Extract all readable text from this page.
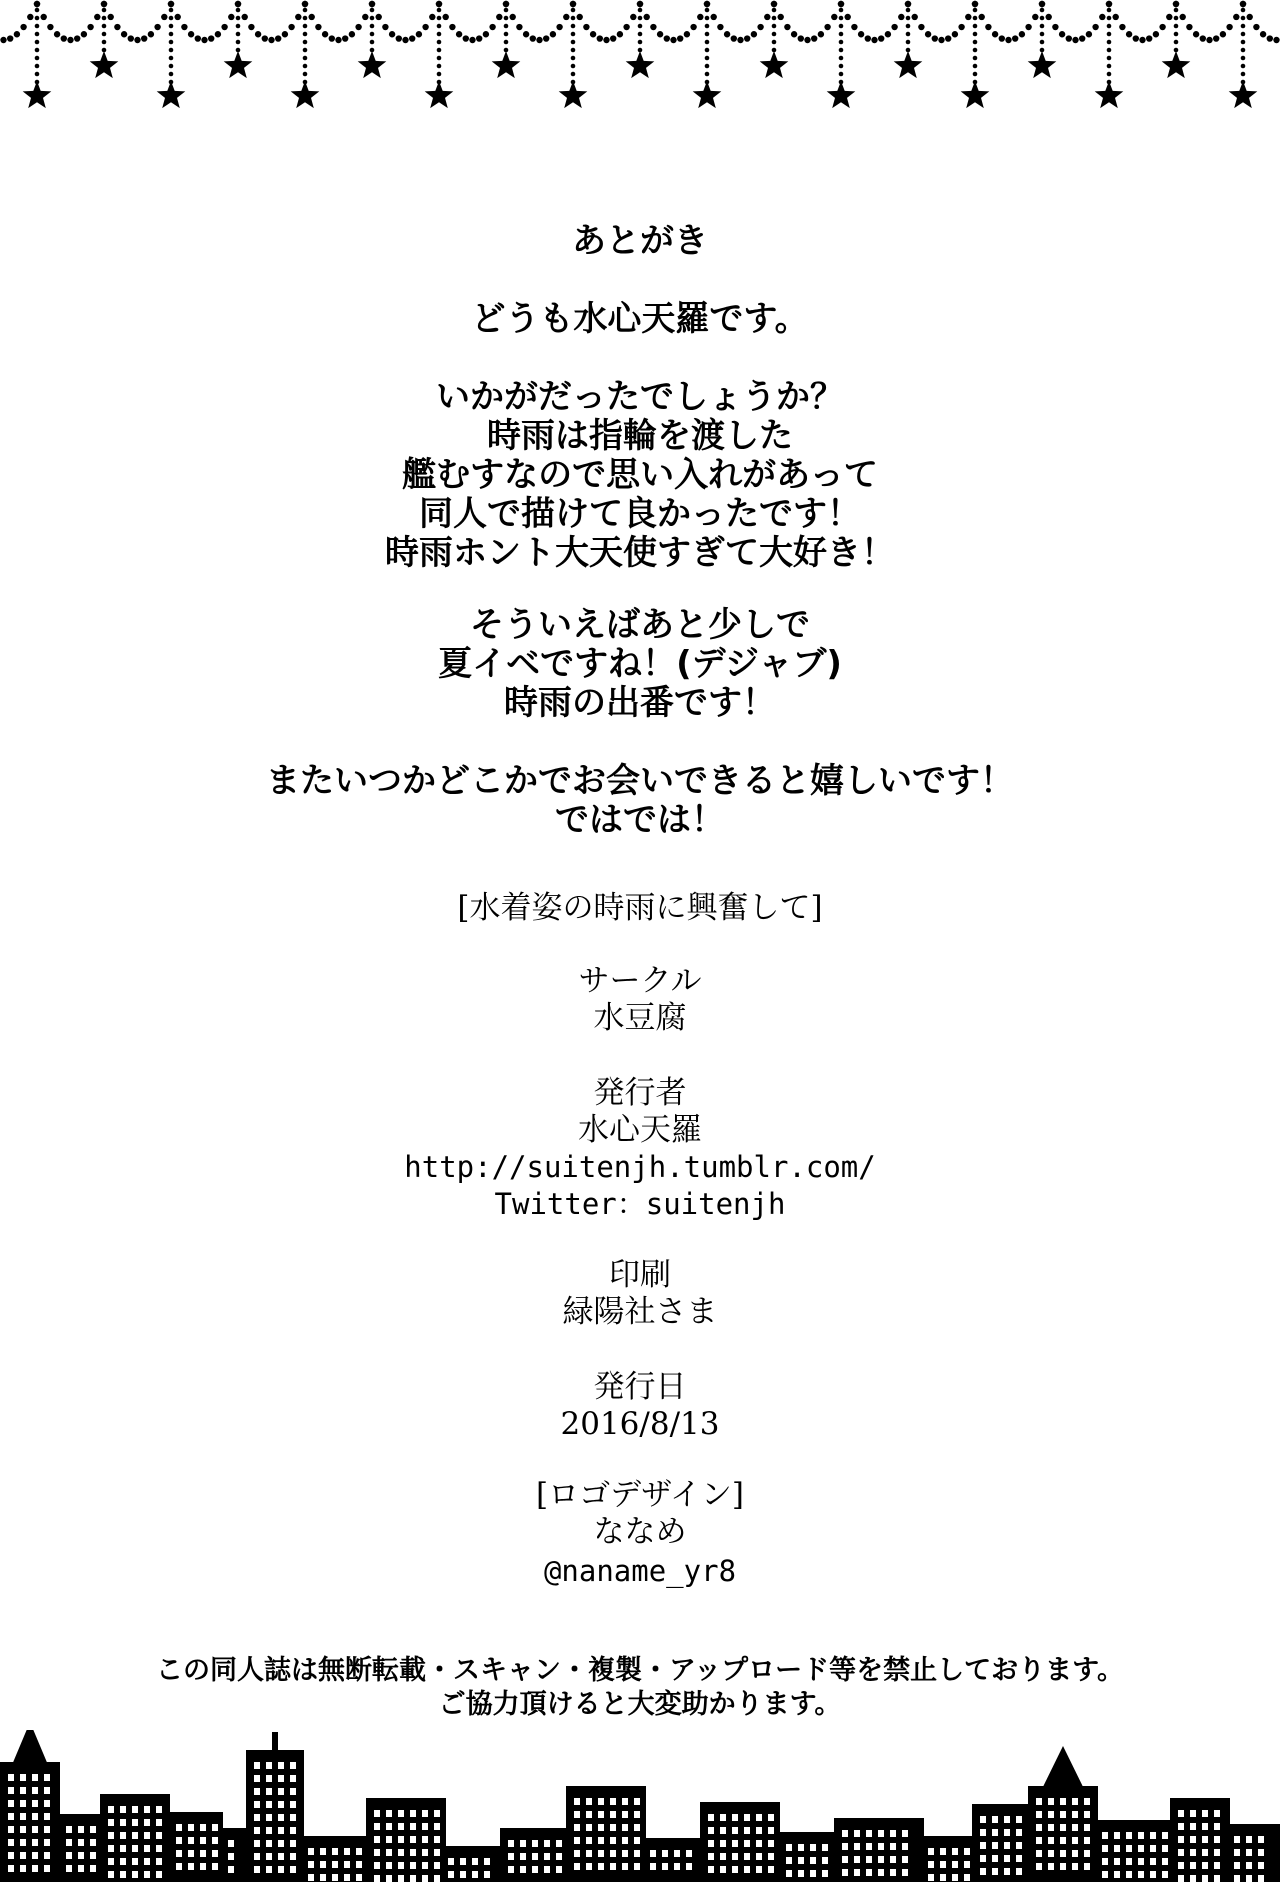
あとがき
どうも水心天羅です。
いかがだったでしょうか？
時雨は指輪を渡した
艦むすなので思い入れがあって
同人で描けて良かったです！
時雨ホント大天使すぎて大好き！
そういえばあと少しで
夏イベですね！(デジャブ)
時雨の出番です！
またいつかどこかでお会いできると嬉しいです！
ではでは！
[水着姿の時雨に興奮して]
サークル
水豆腐
発行者
水心天羅
http://suitenjh.tumblr.com/
Twitter：suitenjh
印刷
緑陽社さま
発行日
2016/8/13
[ロゴデザイン]
ななめ
@naname_yr8
この同人誌は無断転載・スキャン・複製・アップロード等を禁止しております。
ご協力頂けると大変助かります。
